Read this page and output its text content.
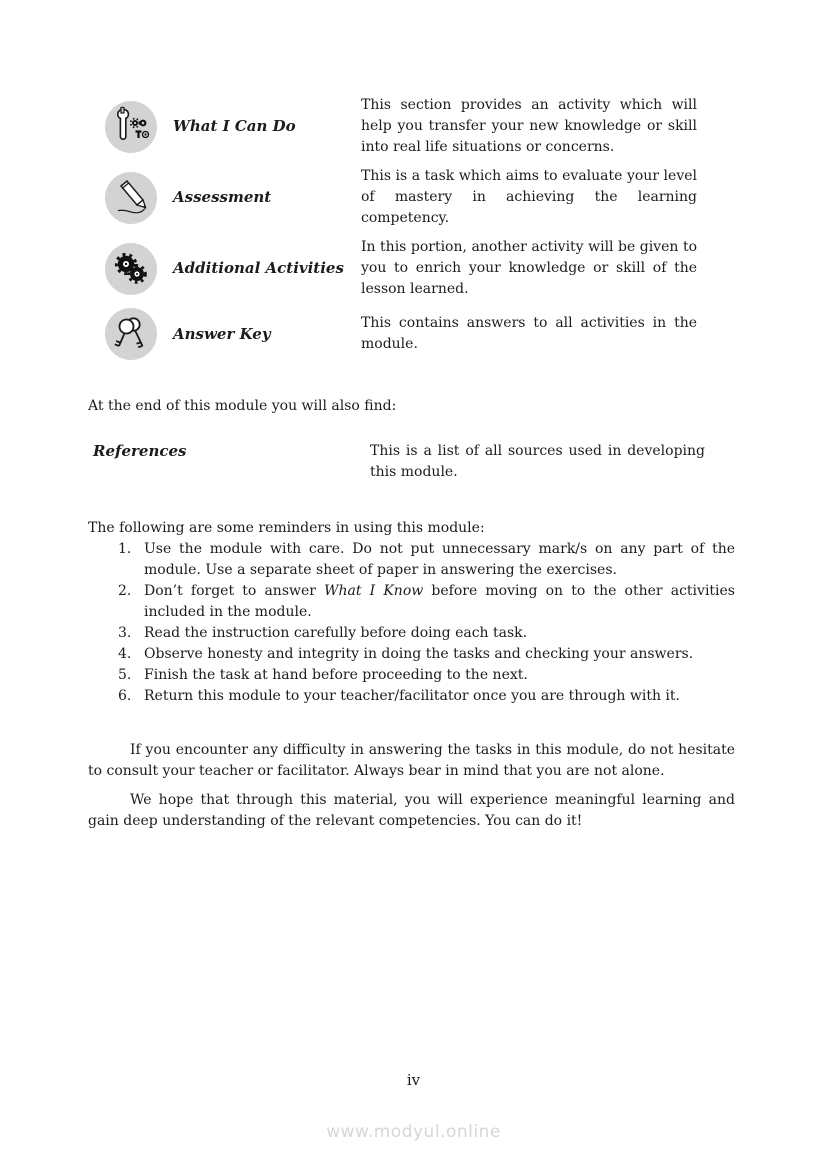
What I Can Do
This section provides an activity which will help you transfer your new knowledge or skill into real life situations or concerns.
Assessment
This is a task which aims to evaluate your level of mastery in achieving the learning competency.
Additional Activities
In this portion, another activity will be given to you to enrich your knowledge or skill of the lesson learned.
Answer Key
This contains answers to all activities in the module.
At the end of this module you will also find:
References	This is a list of all sources used in developing this module.

The following are some reminders in using this module:

1. Use the module with care. Do not put unnecessary mark/s on any part of the module. Use a separate sheet of paper in answering the exercises.
2. Don’t forget to answer What I Know before moving on to the other activities included in the module.
3. Read the instruction carefully before doing each task.
4. Observe honesty and integrity in doing the tasks and checking your answers.
5. Finish the task at hand before proceeding to the next.
6. Return this module to your teacher/facilitator once you are through with it.

If you encounter any difficulty in answering the tasks in this module, do not hesitate to consult your teacher or facilitator. Always bear in mind that you are not alone.

We hope that through this material, you will experience meaningful learning and gain deep understanding of the relevant competencies. You can do it!

iv
www.modyul.online
